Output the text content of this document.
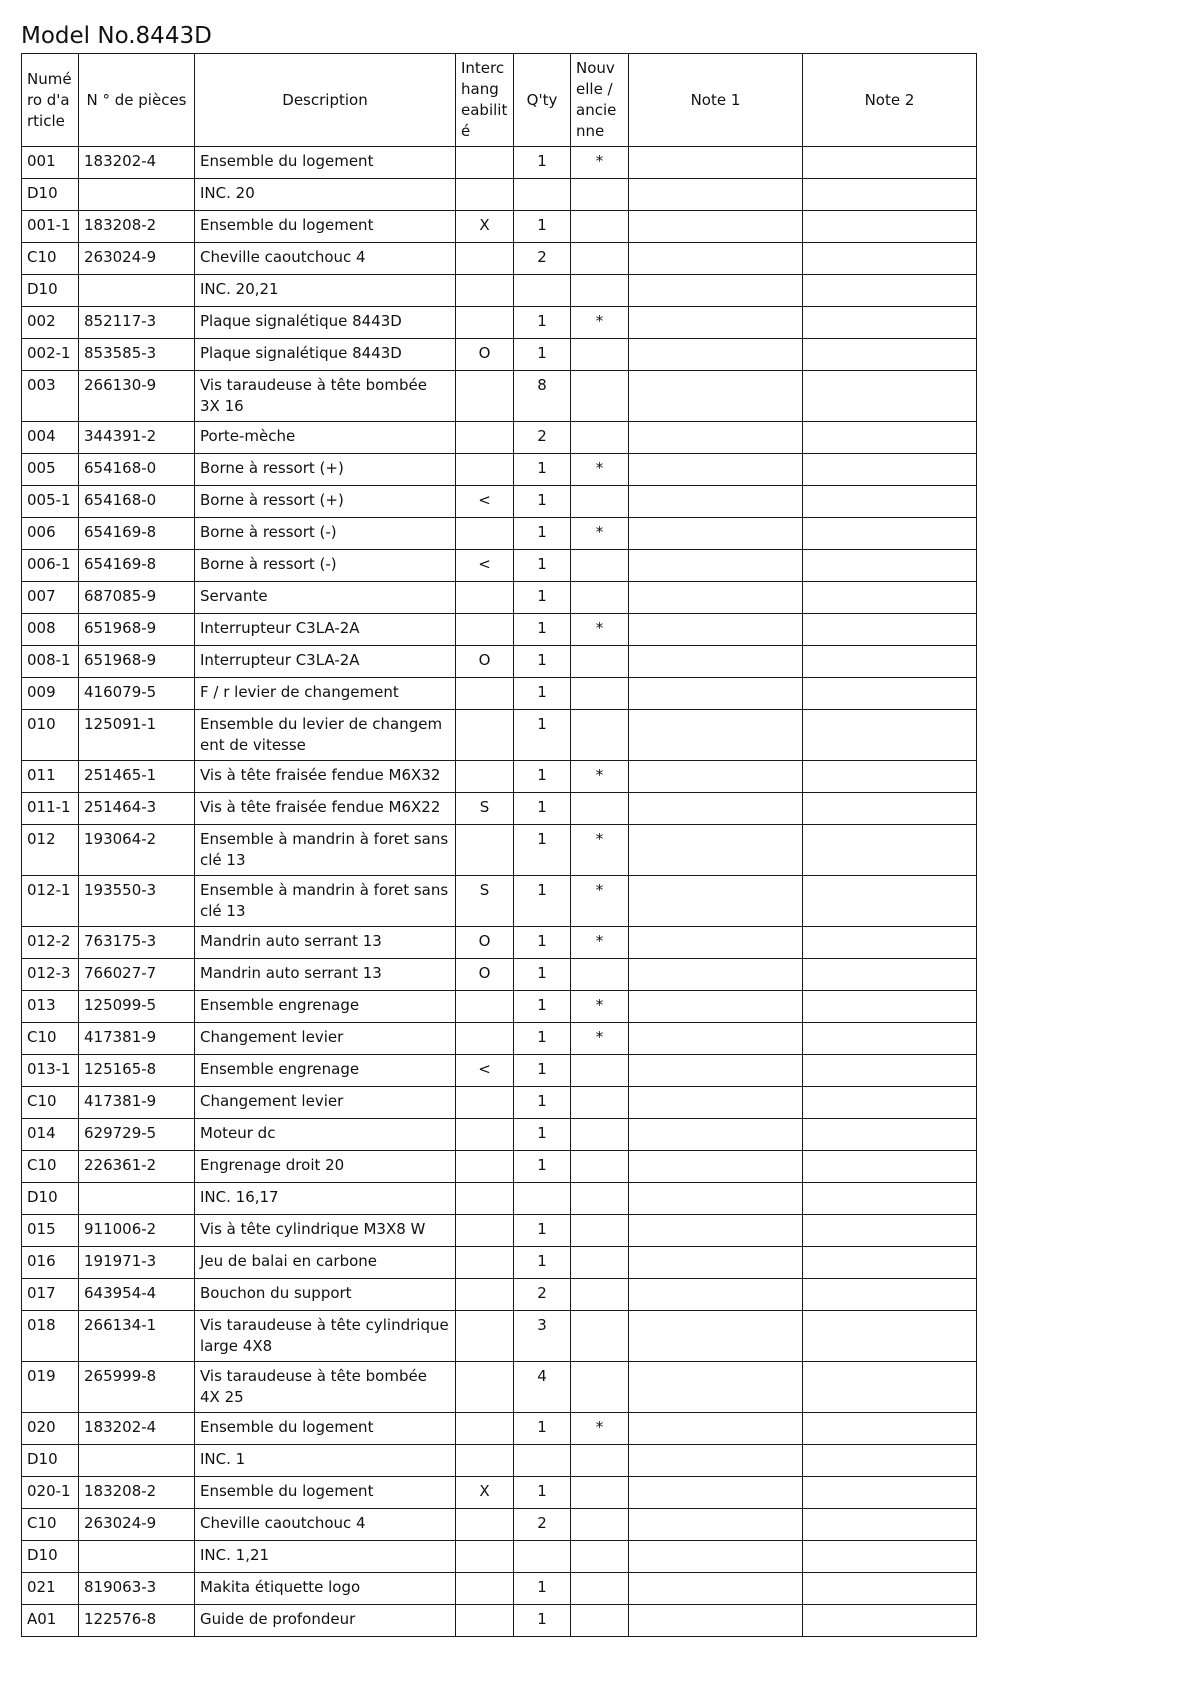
Model No.8443D
Numé ro d'a rticle	N ° de pièces	Description	Interc hang eabilit é	Q'ty	Nouv elle / ancie nne	Note 1	Note 2
001	183202-4	Ensemble du logement		1	*		
D10		INC. 20					
001-1	183208-2	Ensemble du logement	X	1			
C10	263024-9	Cheville caoutchouc 4		2			
D10		INC. 20,21					
002	852117-3	Plaque signalétique 8443D		1	*		
002-1	853585-3	Plaque signalétique 8443D	O	1			
003	266130-9	Vis taraudeuse à tête bombée 3X 16		8			
004	344391-2	Porte-mèche		2			
005	654168-0	Borne à ressort (+)		1	*		
005-1	654168-0	Borne à ressort (+)	<	1			
006	654169-8	Borne à ressort (-)		1	*		
006-1	654169-8	Borne à ressort (-)	<	1			
007	687085-9	Servante		1			
008	651968-9	Interrupteur C3LA-2A		1	*		
008-1	651968-9	Interrupteur C3LA-2A	O	1			
009	416079-5	F / r levier de changement		1			
010	125091-1	Ensemble du levier de changem ent de vitesse		1			
011	251465-1	Vis à tête fraisée fendue M6X32		1	*		
011-1	251464-3	Vis à tête fraisée fendue M6X22	S	1			
012	193064-2	Ensemble à mandrin à foret sans clé 13		1	*		
012-1	193550-3	Ensemble à mandrin à foret sans clé 13	S	1	*		
012-2	763175-3	Mandrin auto serrant 13	O	1	*		
012-3	766027-7	Mandrin auto serrant 13	O	1			
013	125099-5	Ensemble engrenage		1	*		
C10	417381-9	Changement levier		1	*		
013-1	125165-8	Ensemble engrenage	<	1			
C10	417381-9	Changement levier		1			
014	629729-5	Moteur dc		1			
C10	226361-2	Engrenage droit 20		1			
D10		INC. 16,17					
015	911006-2	Vis à tête cylindrique M3X8 W		1			
016	191971-3	Jeu de balai en carbone		1			
017	643954-4	Bouchon du support		2			
018	266134-1	Vis taraudeuse à tête cylindrique large 4X8		3			
019	265999-8	Vis taraudeuse à tête bombée 4X 25		4			
020	183202-4	Ensemble du logement		1	*		
D10		INC. 1					
020-1	183208-2	Ensemble du logement	X	1			
C10	263024-9	Cheville caoutchouc 4		2			
D10		INC. 1,21					
021	819063-3	Makita étiquette logo		1			
A01	122576-8	Guide de profondeur		1			
